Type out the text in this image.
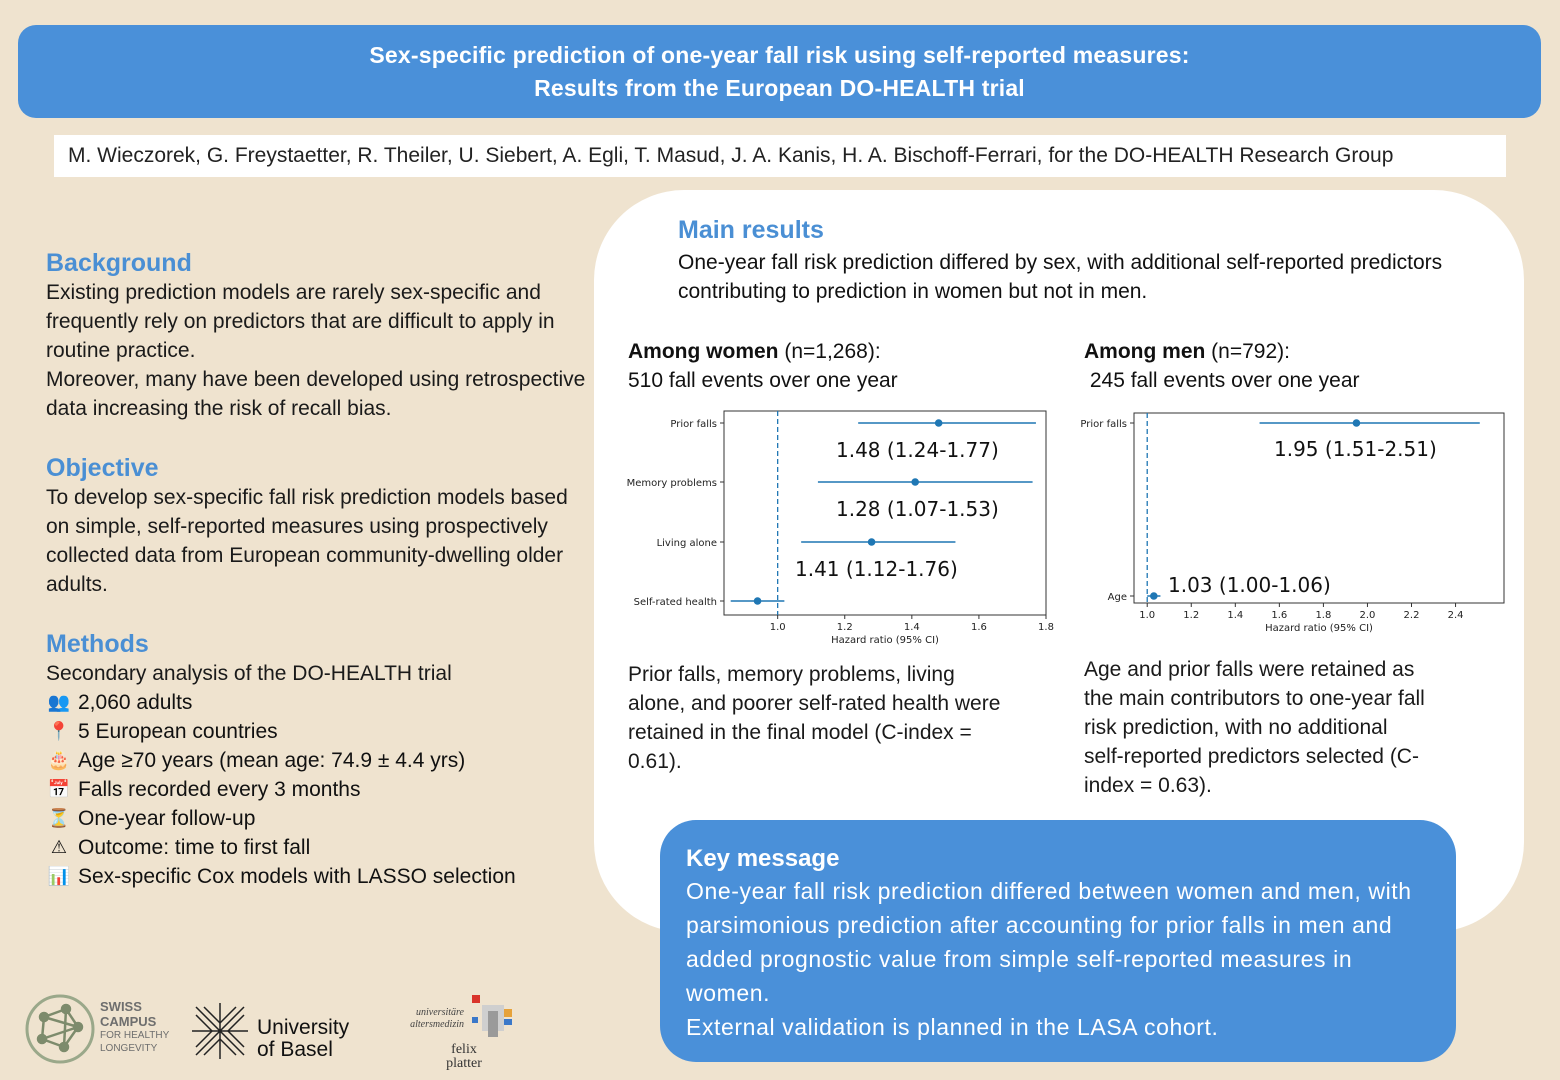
Sex-specific prediction of one-year fall risk using self-reported measures:
Results from the European DO-HEALTH trial
M. Wieczorek, G. Freystaetter, R. Theiler, U. Siebert, A. Egli, T. Masud, J. A. Kanis, H. A. Bischoff-Ferrari, for the DO-HEALTH Research Group
Background
Existing prediction models are rarely sex-specific and frequently rely on predictors that are difficult to apply in routine practice.
Moreover, many have been developed using retrospective data increasing the risk of recall bias.
Objective
To develop sex-specific fall risk prediction models based on simple, self-reported measures using prospectively collected data from European community-dwelling older adults.
Methods
Secondary analysis of the DO-HEALTH trial
👥 2,060 adults
📍 5 European countries
🎂 Age ≥70 years (mean age: 74.9 ± 4.4 yrs)
📅 Falls recorded every 3 months
⏳ One-year follow-up
⚠ Outcome: time to first fall
📊 Sex-specific Cox models with LASSO selection
Main results
One-year fall risk prediction differed by sex, with additional self-reported predictors contributing to prediction in women but not in men.
Among women (n=1,268):
510 fall events over one year
Among men (n=792):
245 fall events over one year
1.0	1.2	1.4	1.6	1.8
Hazard ratio (95% CI)
Prior falls
1.48 (1.24-1.77)
Memory problems
1.28 (1.07-1.53)
Living alone
1.41 (1.12-1.76)
Self-rated health
1.0	1.2	1.4	1.6	1.8	2.0	2.2	2.4
Hazard ratio (95% CI)
Prior falls
1.95 (1.51-2.51)
Age
1.03 (1.00-1.06)
Prior falls, memory problems, living alone, and poorer self-rated health were retained in the final model (C-index = 0.61).
Age and prior falls were retained as the main contributors to one-year fall risk prediction, with no additional self-reported predictors selected (C-index = 0.63).
Key message
One-year fall risk prediction differed between women and men, with parsimonious prediction after accounting for prior falls in men and added prognostic value from simple self-reported measures in women.
External validation is planned in the LASA cohort.
SWISS
CAMPUS
FOR HEALTHY
LONGEVITY
University
of Basel
universitäre
altersmedizin
felix
platter
